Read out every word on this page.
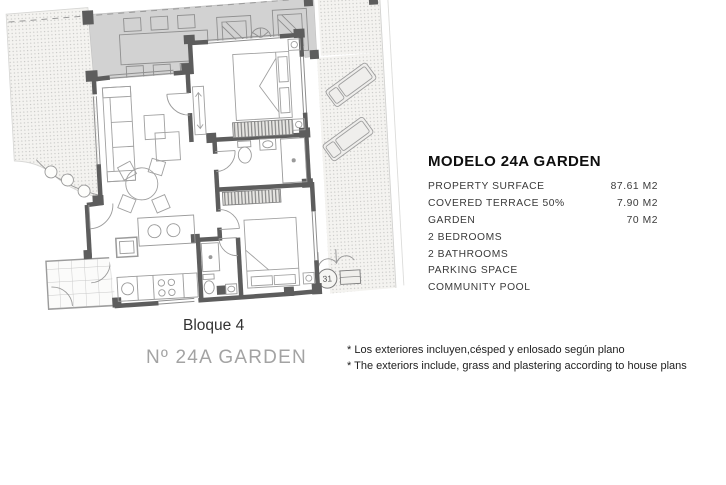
31
MODELO 24A GARDEN
PROPERTY SURFACE	87.61 M2
COVERED TERRACE 50%	7.90 M2
GARDEN	70 M2
2 BEDROOMS
2 BATHROOMS
PARKING SPACE
COMMUNITY POOL
Bloque 4
Nº 24A GARDEN	* Los exteriores incluyen,césped y enlosado según plano
* The exteriors include, grass and plastering according to house plans
